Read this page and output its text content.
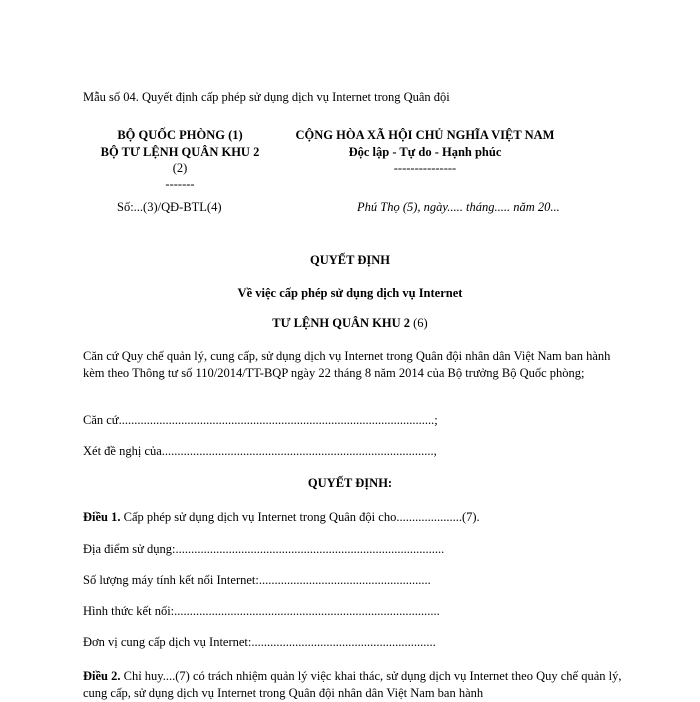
Mẫu số 04. Quyết định cấp phép sử dụng dịch vụ Internet trong Quân đội
BỘ QUỐC PHÒNG (1)
BỘ TƯ LỆNH QUÂN KHU 2
(2)
-------
Số:...(3)/QĐ-BTL(4)
CỘNG HÒA XÃ HỘI CHỦ NGHĨA VIỆT NAM
Độc lập - Tự do - Hạnh phúc
---------------
Phú Thọ (5), ngày..... tháng..... năm 20...
QUYẾT ĐỊNH
Về việc cấp phép sử dụng dịch vụ Internet
TƯ LỆNH QUÂN KHU 2 (6)
Căn cứ Quy chế quản lý, cung cấp, sử dụng dịch vụ Internet trong Quân đội nhân dân Việt Nam ban hành kèm theo Thông tư số 110/2014/TT-BQP ngày 22 tháng 8 năm 2014 của Bộ trưởng Bộ Quốc phòng;
Căn cứ.....................................................................................................;
Xét đề nghị của.......................................................................................,
QUYẾT ĐỊNH:
Điều 1. Cấp phép sử dụng dịch vụ Internet trong Quân đội cho.....................(7).
Địa điểm sử dụng:......................................................................................
Số lượng máy tính kết nối Internet:.......................................................
Hình thức kết nối:.....................................................................................
Đơn vị cung cấp dịch vụ Internet:...........................................................
Điều 2. Chỉ huy....(7) có trách nhiệm quản lý việc khai thác, sử dụng dịch vụ Internet theo Quy chế quản lý, cung cấp, sử dụng dịch vụ Internet trong Quân đội nhân dân Việt Nam ban hành
